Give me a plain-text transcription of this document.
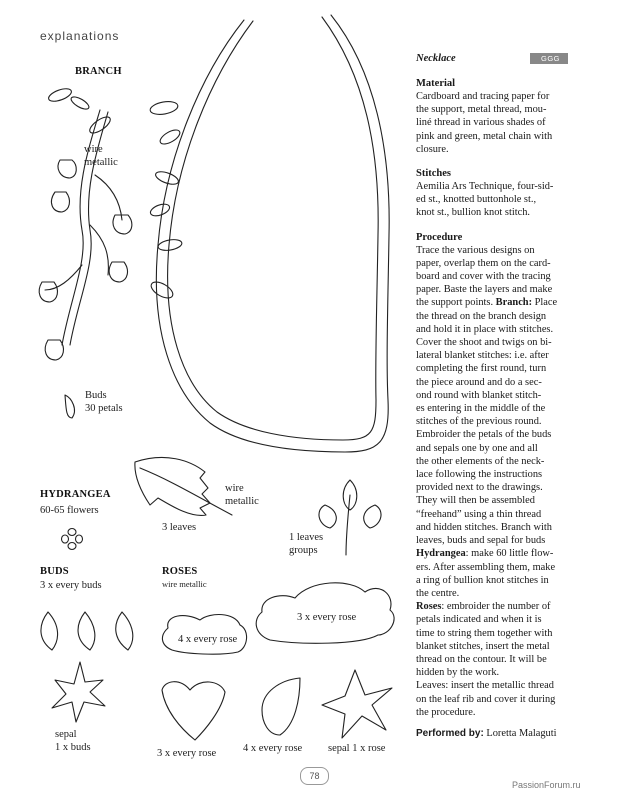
explanations
BRANCH
wire
metallic
Buds
30 petals
wire
metallic
3 leaves
1 leaves
groups
HYDRANGEA
60-65 flowers
BUDS
3 x every buds
ROSES
wire metallic
4 x every rose
3 x every rose
sepal
1 x buds
3 x every rose	4 x every rose sepal 1 x rose
Necklace	GGG
Material
Cardboard and tracing paper for
the support, metal thread, mou-
liné thread in various shades of
pink and green, metal chain with
closure.
Stitches
Aemilia Ars Technique, four-sid-
ed st., knotted buttonhole st.,
knot st., bullion knot stitch.
Procedure
Trace the various designs on
paper, overlap them on the card-
board and cover with the tracing
paper. Baste the layers and make
the support points. Branch: Place
the thread on the branch design
and hold it in place with stitches.
Cover the shoot and twigs on bi-
lateral blanket stitches: i.e. after
completing the first round, turn
the piece around and do a sec-
ond round with blanket stitch-
es entering in the middle of the
stitches of the previous round.
Embroider the petals of the buds
and sepals one by one and all
the other elements of the neck-
lace following the instructions
provided next to the drawings.
They will then be assembled
“freehand” using a thin thread
and hidden stitches. Branch with
leaves, buds and sepal for buds
Hydrangea: make 60 little flow-
ers. After assembling them, make
a ring of bullion knot stitches in
the centre.
Roses: embroider the number of
petals indicated and when it is
time to string them together with
blanket stitches, insert the metal
thread on the contour. It will be
hidden by the work.
Leaves: insert the metallic thread
on the leaf rib and cover it during
the procedure.
Performed by: Loretta Malaguti
78
PassionForum.ru
